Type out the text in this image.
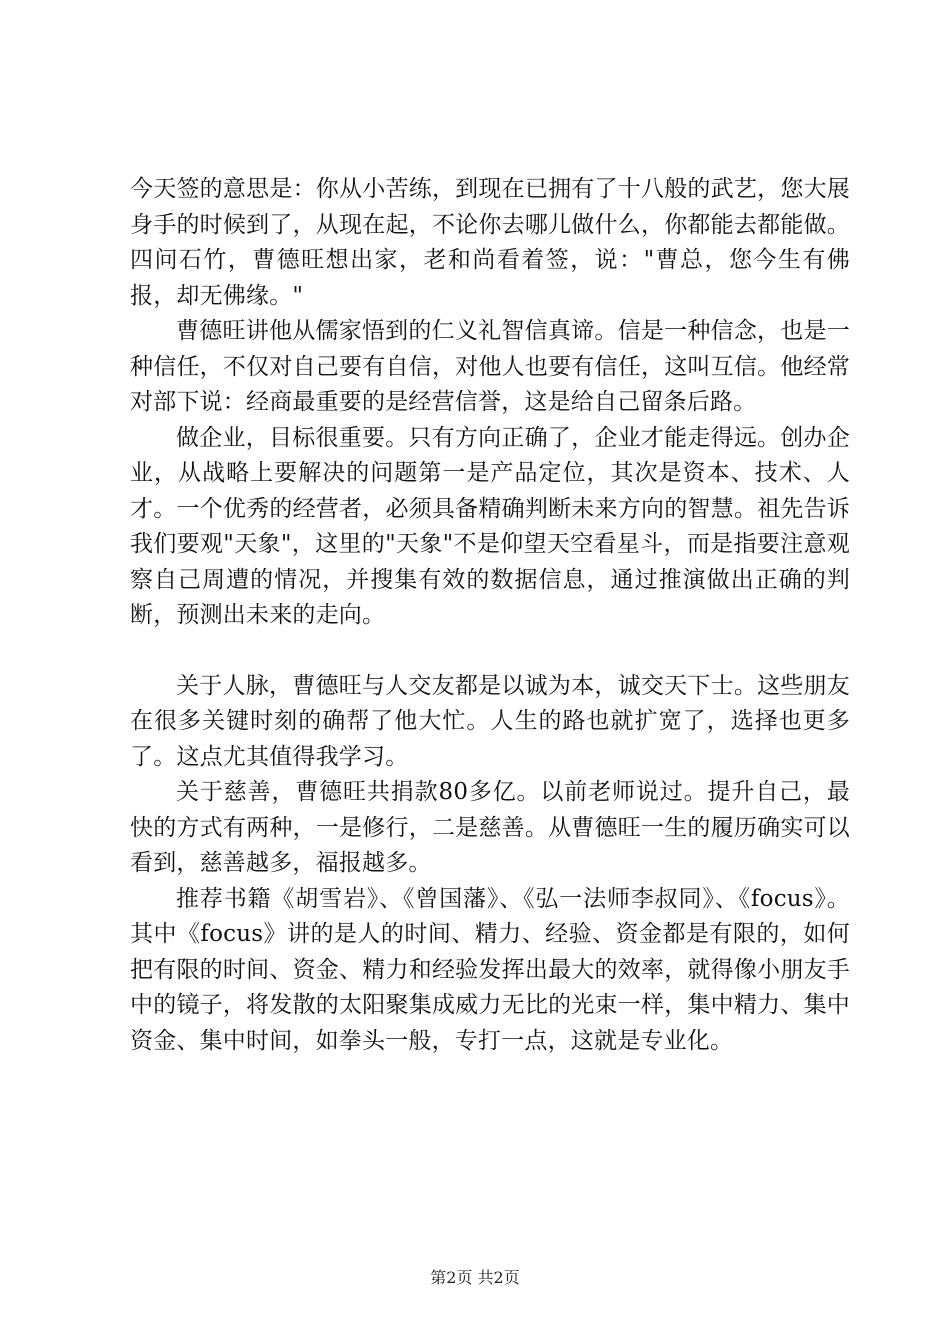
今天签的意思是：你从小苦练，到现在已拥有了十八般的武艺，您大展身手的时候到了，从现在起，不论你去哪儿做什么，你都能去都能做。四问石竹，曹德旺想出家，老和尚看着签，说："曹总，您今生有佛报，却无佛缘。"

曹德旺讲他从儒家悟到的仁义礼智信真谛。信是一种信念，也是一种信任，不仅对自己要有自信，对他人也要有信任，这叫互信。他经常对部下说：经商最重要的是经营信誉，这是给自己留条后路。

做企业，目标很重要。只有方向正确了，企业才能走得远。创办企业，从战略上要解决的问题第一是产品定位，其次是资本、技术、人才。一个优秀的经营者，必须具备精确判断未来方向的智慧。祖先告诉我们要观"天象"，这里的"天象"不是仰望天空看星斗，而是指要注意观察自己周遭的情况，并搜集有效的数据信息，通过推演做出正确的判断，预测出未来的走向。

关于人脉，曹德旺与人交友都是以诚为本，诚交天下士。这些朋友在很多关键时刻的确帮了他大忙。人生的路也就扩宽了，选择也更多了。这点尤其值得我学习。

关于慈善，曹德旺共捐款80多亿。以前老师说过。提升自己，最快的方式有两种，一是修行，二是慈善。从曹德旺一生的履历确实可以看到，慈善越多，福报越多。

推荐书籍《胡雪岩》、《曾国藩》、《弘一法师李叔同》、《focus》。其中《focus》讲的是人的时间、精力、经验、资金都是有限的，如何把有限的时间、资金、精力和经验发挥出最大的效率，就得像小朋友手中的镜子，将发散的太阳聚集成威力无比的光束一样，集中精力、集中资金、集中时间，如拳头一般，专打一点，这就是专业化。

第2页 共2页
